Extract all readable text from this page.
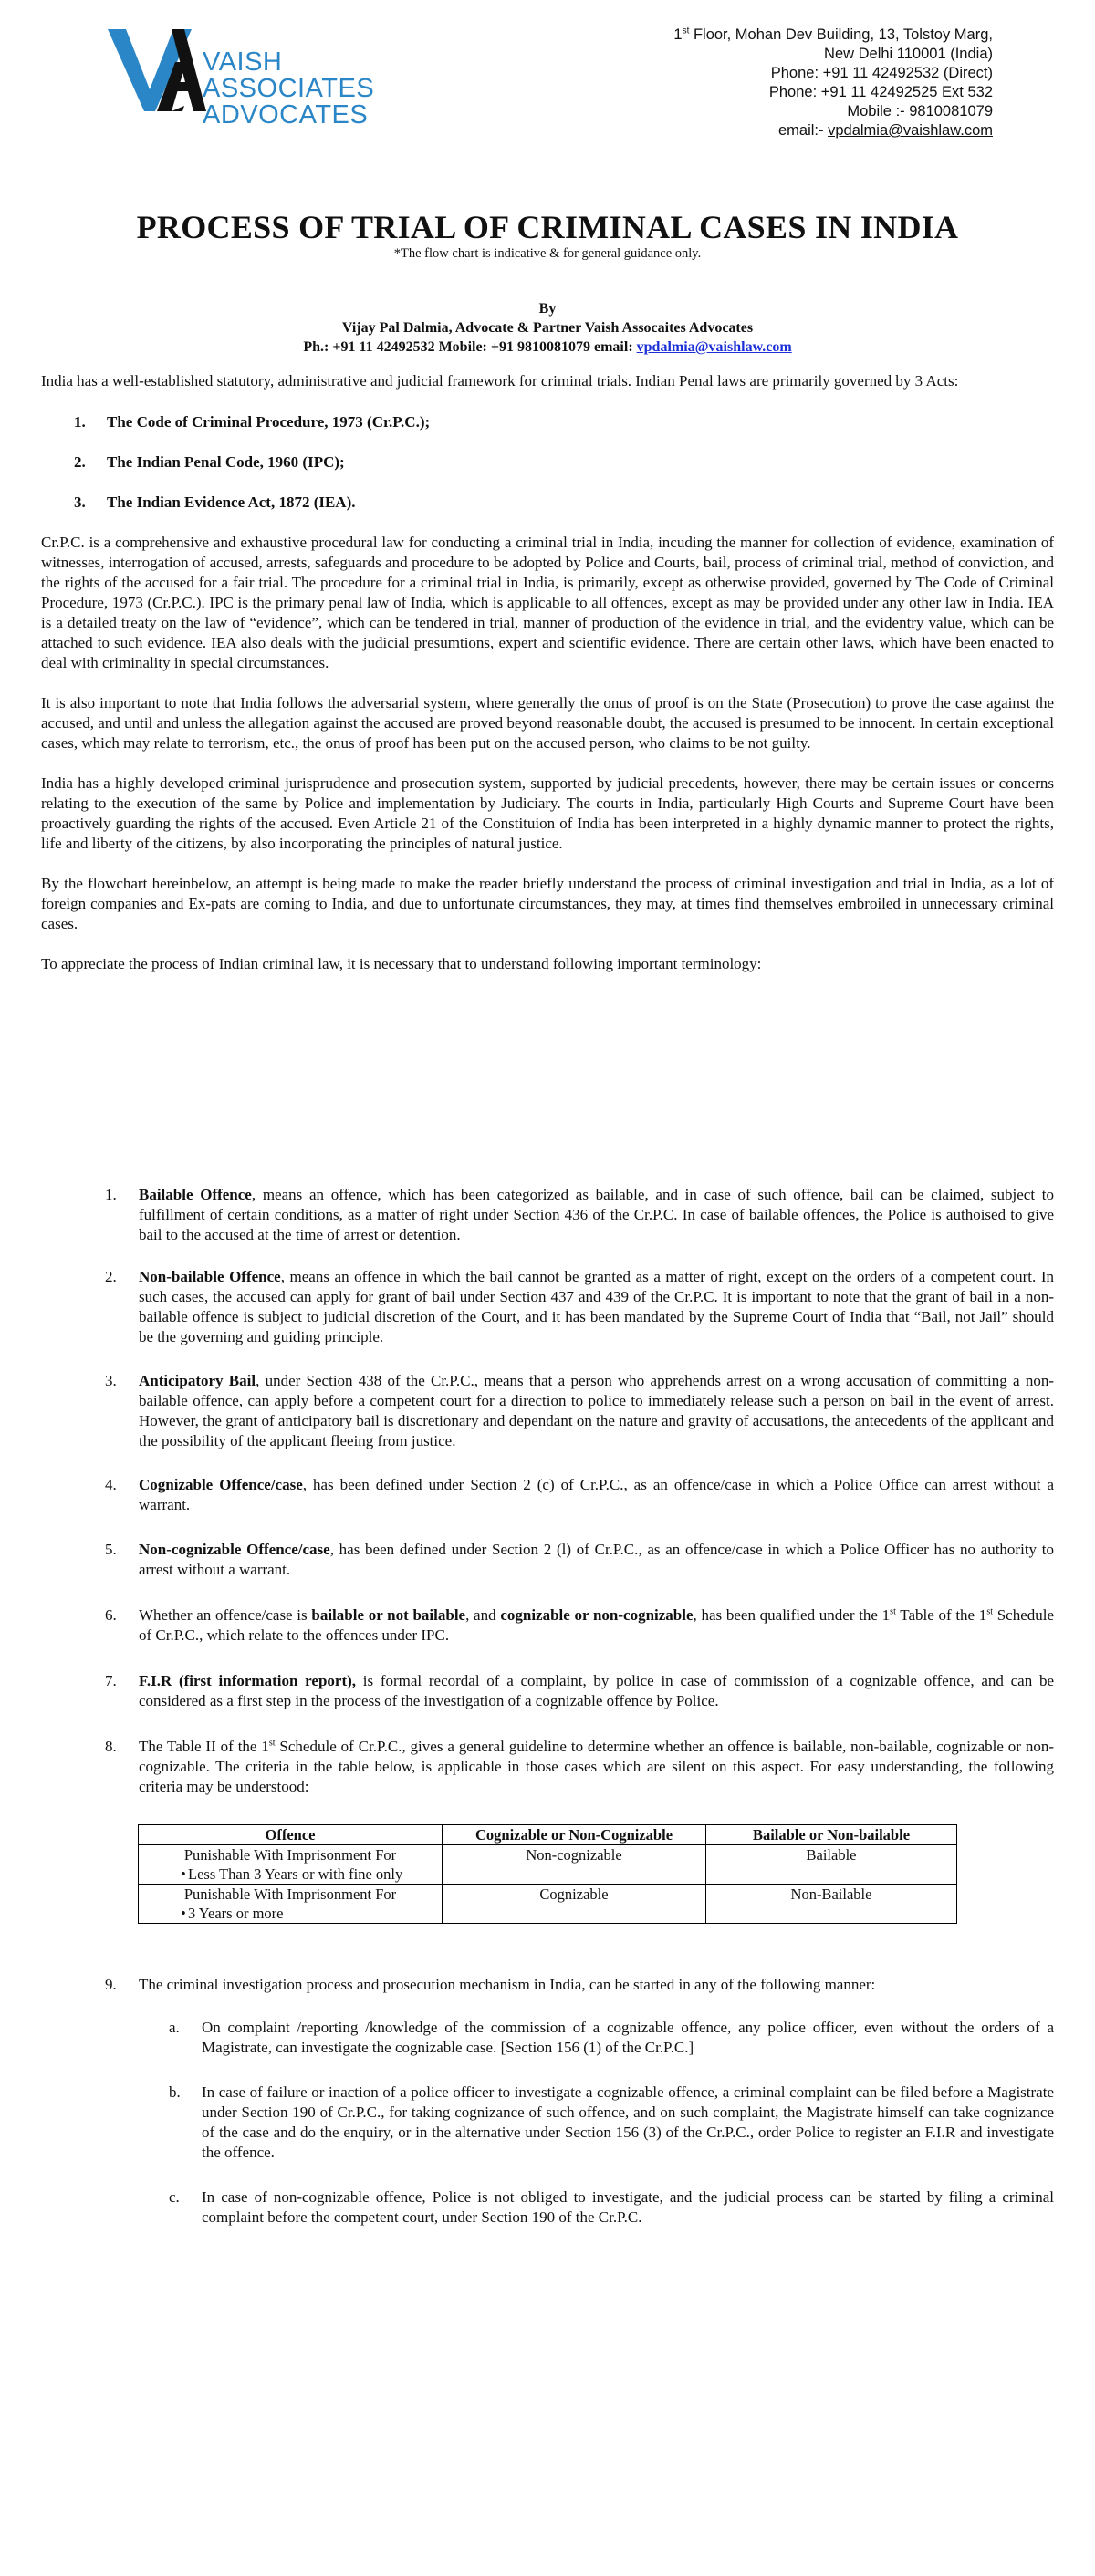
VAISH
ASSOCIATES
ADVOCATES
1st Floor, Mohan Dev Building, 13, Tolstoy Marg,
New Delhi 110001 (India)
Phone: +91 11 42492532 (Direct)
Phone: +91 11 42492525 Ext 532
Mobile :- 9810081079
email:- vpdalmia@vaishlaw.com
PROCESS OF TRIAL OF CRIMINAL CASES IN INDIA
*The flow chart is indicative & for general guidance only.
By
Vijay Pal Dalmia, Advocate & Partner Vaish Assocaites Advocates
Ph.: +91 11 42492532 Mobile: +91 9810081079 email: vpdalmia@vaishlaw.com

India has a well-established statutory, administrative and judicial framework for criminal trials. Indian Penal laws are primarily governed by 3 Acts:

1. The Code of Criminal Procedure, 1973 (Cr.P.C.);
2. The Indian Penal Code, 1960 (IPC);
3. The Indian Evidence Act, 1872 (IEA).

Cr.P.C. is a comprehensive and exhaustive procedural law for conducting a criminal trial in India, incuding the manner for collection of evidence, examination of witnesses, interrogation of accused, arrests, safeguards and procedure to be adopted by Police and Courts, bail, process of criminal trial, method of conviction, and the rights of the accused for a fair trial. The procedure for a criminal trial in India, is primarily, except as otherwise provided, governed by The Code of Criminal Procedure, 1973 (Cr.P.C.). IPC is the primary penal law of India, which is applicable to all offences, except as may be provided under any other law in India. IEA is a detailed treaty on the law of “evidence”, which can be tendered in trial, manner of production of the evidence in trial, and the evidentry value, which can be attached to such evidence. IEA also deals with the judicial presumtions, expert and scientific evidence. There are certain other laws, which have been enacted to deal with criminality in special circumstances.

It is also important to note that India follows the adversarial system, where generally the onus of proof is on the State (Prosecution) to prove the case against the accused, and until and unless the allegation against the accused are proved beyond reasonable doubt, the accused is presumed to be innocent. In certain exceptional cases, which may relate to terrorism, etc., the onus of proof has been put on the accused person, who claims to be not guilty.

India has a highly developed criminal jurisprudence and prosecution system, supported by judicial precedents, however, there may be certain issues or concerns relating to the execution of the same by Police and implementation by Judiciary. The courts in India, particularly High Courts and Supreme Court have been proactively guarding the rights of the accused. Even Article 21 of the Constituion of India has been interpreted in a highly dynamic manner to protect the rights, life and liberty of the citizens, by also incorporating the principles of natural justice.

By the flowchart hereinbelow, an attempt is being made to make the reader briefly understand the process of criminal investigation and trial in India, as a lot of foreign companies and Ex-pats are coming to India, and due to unfortunate circumstances, they may, at times find themselves embroiled in unnecessary criminal cases.

To appreciate the process of Indian criminal law, it is necessary that to understand following important terminology:

1. Bailable Offence, means an offence, which has been categorized as bailable, and in case of such offence, bail can be claimed, subject to fulfillment of certain conditions, as a matter of right under Section 436 of the Cr.P.C. In case of bailable offences, the Police is authoised to give bail to the accused at the time of arrest or detention.
2. Non-bailable Offence, means an offence in which the bail cannot be granted as a matter of right, except on the orders of a competent court. In such cases, the accused can apply for grant of bail under Section 437 and 439 of the Cr.P.C. It is important to note that the grant of bail in a non-bailable offence is subject to judicial discretion of the Court, and it has been mandated by the Supreme Court of India that “Bail, not Jail” should be the governing and guiding principle.
3. Anticipatory Bail, under Section 438 of the Cr.P.C., means that a person who apprehends arrest on a wrong accusation of committing a non-bailable offence, can apply before a competent court for a direction to police to immediately release such a person on bail in the event of arrest. However, the grant of anticipatory bail is discretionary and dependant on the nature and gravity of accusations, the antecedents of the applicant and the possibility of the applicant fleeing from justice.
4. Cognizable Offence/case, has been defined under Section 2 (c) of Cr.P.C., as an offence/case in which a Police Office can arrest without a warrant.
5. Non-cognizable Offence/case, has been defined under Section 2 (l) of Cr.P.C., as an offence/case in which a Police Officer has no authority to arrest without a warrant.
6. Whether an offence/case is bailable or not bailable, and cognizable or non-cognizable, has been qualified under the 1st Table of the 1st Schedule of Cr.P.C., which relate to the offences under IPC.
7. F.I.R (first information report), is formal recordal of a complaint, by police in case of commission of a cognizable offence, and can be considered as a first step in the process of the investigation of a cognizable offence by Police.
8. The Table II of the 1st Schedule of Cr.P.C., gives a general guideline to determine whether an offence is bailable, non-bailable, cognizable or non-cognizable. The criteria in the table below, is applicable in those cases which are silent on this aspect. For easy understanding, the following criteria may be understood:
9. The criminal investigation process and prosecution mechanism in India, can be started in any of the following manner:
a. On complaint /reporting /knowledge of the commission of a cognizable offence, any police officer, even without the orders of a Magistrate, can investigate the cognizable case. [Section 156 (1) of the Cr.P.C.]
b. In case of failure or inaction of a police officer to investigate a cognizable offence, a criminal complaint can be filed before a Magistrate under Section 190 of Cr.P.C., for taking cognizance of such offence, and on such complaint, the Magistrate himself can take cognizance of the case and do the enquiry, or in the alternative under Section 156 (3) of the Cr.P.C., order Police to register an F.I.R and investigate the offence.
c. In case of non-cognizable offence, Police is not obliged to investigate, and the judicial process can be started by filing a criminal complaint before the competent court, under Section 190 of the Cr.P.C.
Offence	Cognizable or Non-Cognizable	Bailable or Non-bailable

Punishable With Imprisonment For
• Less Than 3 Years or with fine only	Non-cognizable	Bailable

Punishable With Imprisonment For
• 3 Years or more	Cognizable	Non-Bailable
